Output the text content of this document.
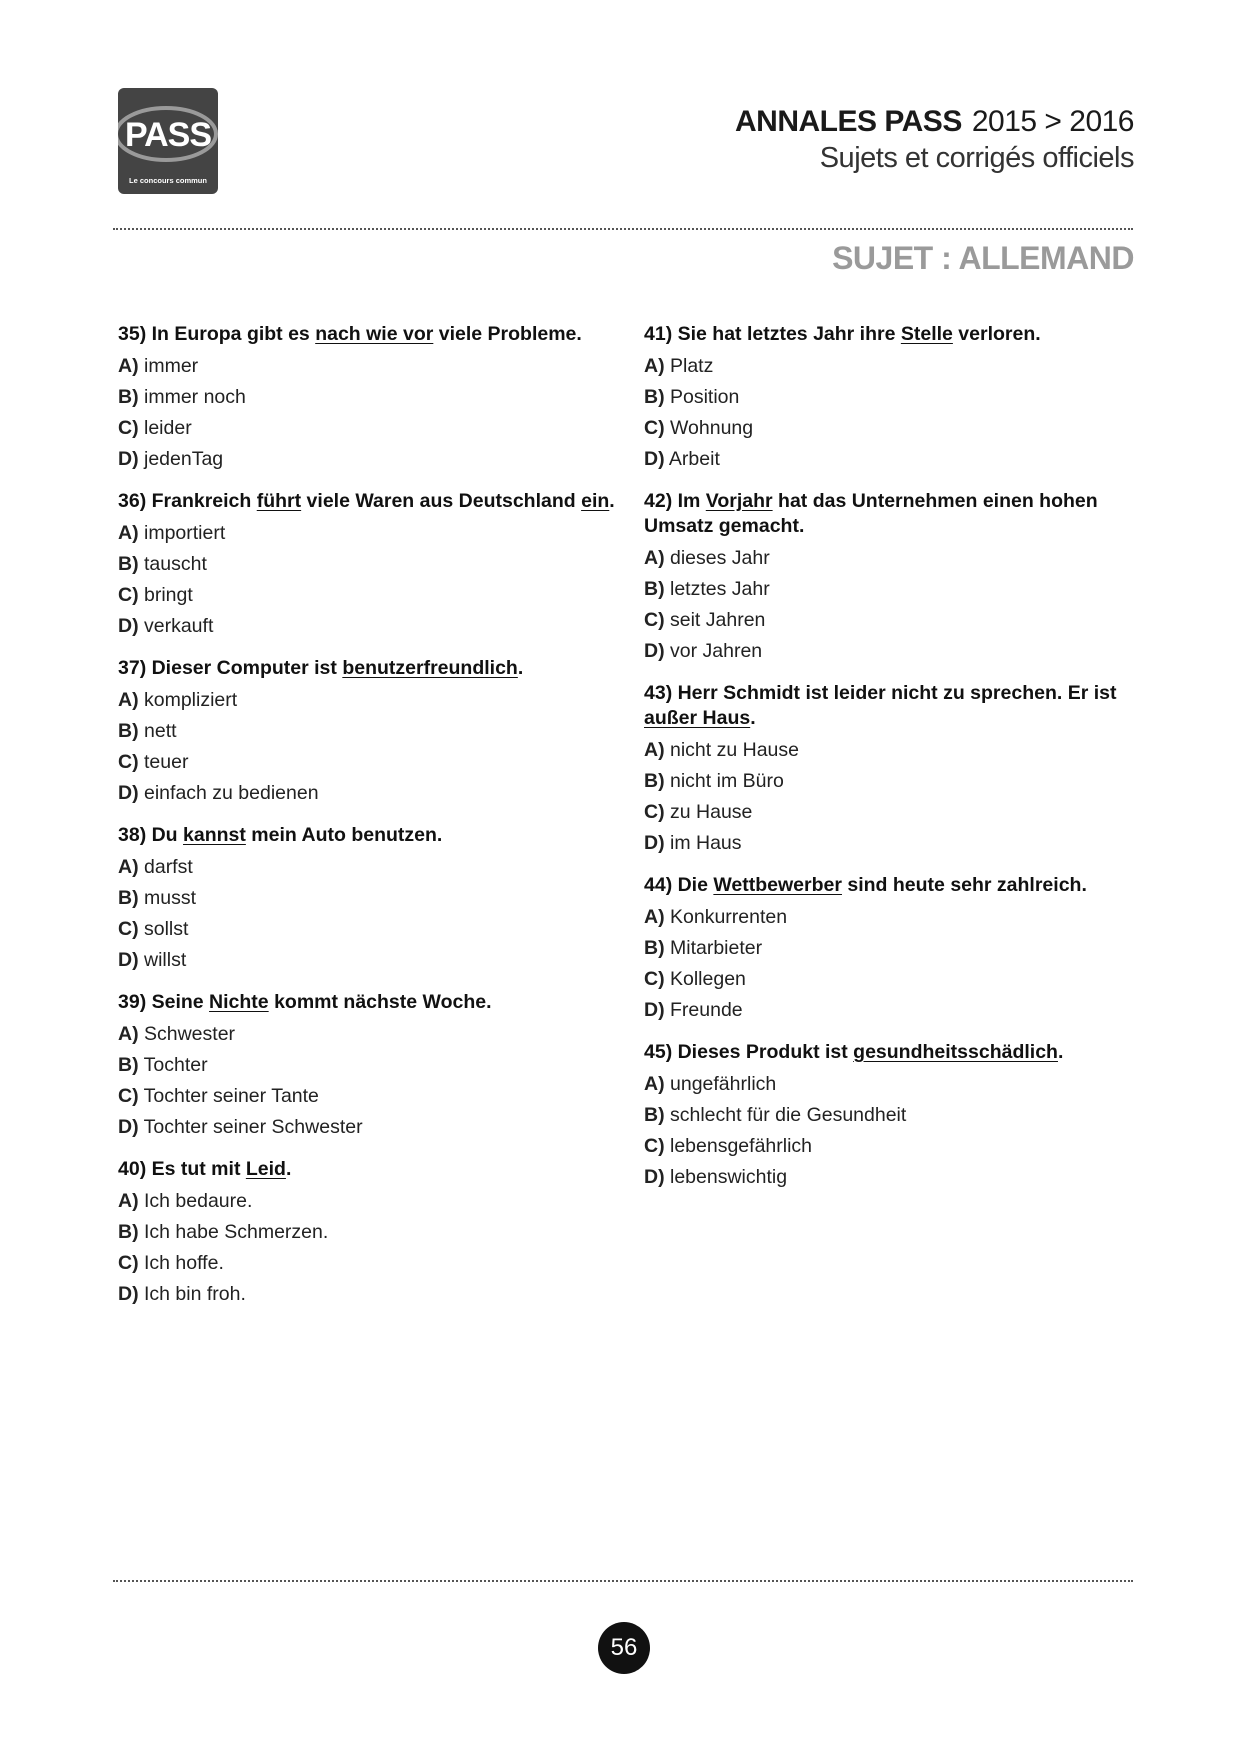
PASS
Le concours commun
ANNALES PASS 2015 > 2016
Sujets et corrigés officiels
SUJET : ALLEMAND
35) In Europa gibt es nach wie vor viele Probleme.
A) immer
B) immer noch
C) leider
D) jedenTag
36) Frankreich führt viele Waren aus Deutschland ein.
A) importiert
B) tauscht
C) bringt
D) verkauft
37) Dieser Computer ist benutzerfreundlich.
A) kompliziert
B) nett
C) teuer
D) einfach zu bedienen
38) Du kannst mein Auto benutzen.
A) darfst
B) musst
C) sollst
D) willst
39) Seine Nichte kommt nächste Woche.
A) Schwester
B) Tochter
C) Tochter seiner Tante
D) Tochter seiner Schwester
40) Es tut mit Leid.
A) Ich bedaure.
B) Ich habe Schmerzen.
C) Ich hoffe.
D) Ich bin froh.
41) Sie hat letztes Jahr ihre Stelle verloren.
A) Platz
B) Position
C) Wohnung
D) Arbeit
42) Im Vorjahr hat das Unternehmen einen hohen Umsatz gemacht.
A) dieses Jahr
B) letztes Jahr
C) seit Jahren
D) vor Jahren
43) Herr Schmidt ist leider nicht zu sprechen. Er ist außer Haus.
A) nicht zu Hause
B) nicht im Büro
C) zu Hause
D) im Haus
44) Die Wettbewerber sind heute sehr zahlreich.
A) Konkurrenten
B) Mitarbieter
C) Kollegen
D) Freunde
45) Dieses Produkt ist gesundheitsschädlich.
A) ungefährlich
B) schlecht für die Gesundheit
C) lebensgefährlich
D) lebenswichtig
56
